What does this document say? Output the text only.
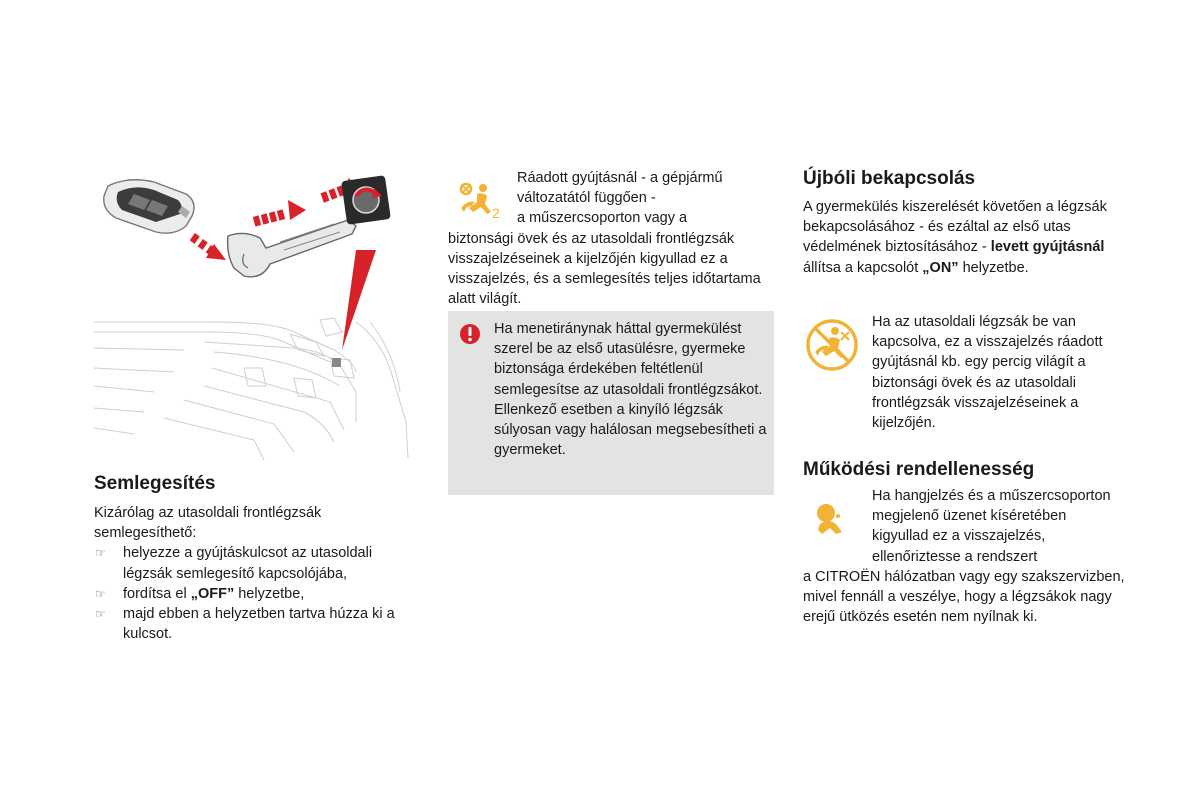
Semlegesítés

Kizárólag az utasoldali frontlégzsák semlegesíthető:

☞ helyezze a gyújtáskulcsot az utasoldali légzsák semlegesítő kapcsolójába,
☞ fordítsa el „OFF” helyzetbe,
☞ majd ebben a helyzetben tartva húzza ki a kulcsot.
2

Ráadott gyújtásnál - a gépjármű

változatától függően -

a műszercsoporton vagy a

biztonsági övek és az utasoldali frontlégzsák visszajelzéseinek a kijelzőjén kigyullad ez a visszajelzés, és a semlegesítés teljes időtartama alatt világít.

Ha menetiránynak háttal gyermekülést szerel be az első utasülésre, gyermeke biztonsága érdekében feltétlenül semlegesítse az utasoldali frontlégzsákot.

Ellenkező esetben a kinyíló légzsák súlyosan vagy halálosan megsebesítheti a gyermeket.

Újbóli bekapcsolás

A gyermekülés kiszerelését követően a légzsák bekapcsolásához - és ezáltal az első utas védelmének biztosításához - levett gyújtásnál állítsa a kapcsolót „ON” helyzetbe.

Ha az utasoldali légzsák be van kapcsolva, ez a visszajelzés ráadott gyújtásnál kb. egy percig világít a biztonsági övek és az utasoldali frontlégzsák visszajelzéseinek a kijelzőjén.

Működési rendellenesség

Ha hangjelzés és a műszercsoporton

megjelenő üzenet kíséretében

kigyullad ez a visszajelzés,

ellenőriztesse a rendszert

a CITROËN hálózatban vagy egy szakszervizben, mivel fennáll a veszélye, hogy a légzsákok nagy erejű ütközés esetén nem nyílnak ki.
